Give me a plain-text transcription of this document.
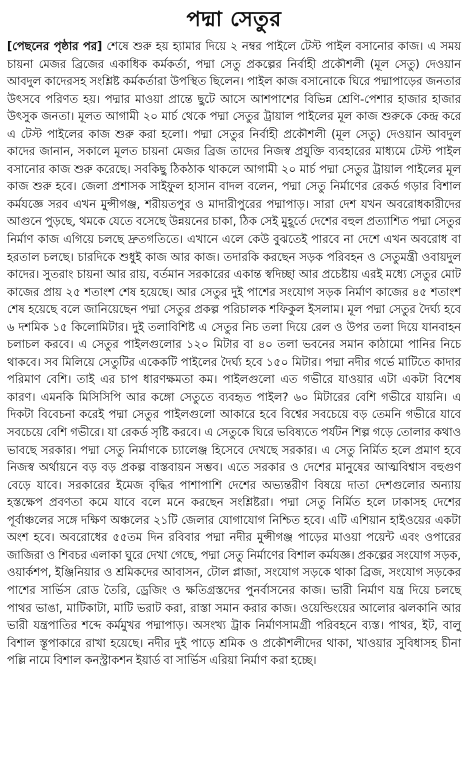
পদ্মা সেতুর

[পেছনের পৃষ্ঠার পর] শেষে শুরু হয় হ্যামার দিয়ে ২ নম্বর পাইলে টেস্ট পাইল বসানোর কাজ। এ সময় চায়না মেজর ব্রিজের একাধিক কর্মকর্তা, পদ্মা সেতু প্রকল্পের নির্বাহী প্রকৌশলী (মূল সেতু) দেওয়ান আবদুল কাদেরসহ সংশ্লিষ্ট কর্মকর্তারা উপস্থিত ছিলেন। পাইল কাজ বসানোকে ঘিরে পদ্মাপাড়ের জনতার উৎসবে পরিণত হয়। পদ্মার মাওয়া প্রান্তে ছুটে আসে আশপাশের বিভিন্ন শ্রেণি-পেশার হাজার হাজার উৎসুক জনতা। মূলত আগামী ২০ মার্চ থেকে পদ্মা সেতুর ট্রায়াল পাইলের মূল কাজ শুরুকে কেন্দ্র করে এ টেস্ট পাইলের কাজ শুরু করা হলো। পদ্মা সেতুর নির্বাহী প্রকৌশলী (মূল সেতু) দেওয়ান আবদুল কাদের জানান, সকালে মূলত চায়না মেজর ব্রিজ তাদের নিজস্ব প্রযুক্তি ব্যবহারের মাধ্যমে টেস্ট পাইল বসানোর কাজ শুরু করেছে। সবকিছু ঠিকঠাক থাকলে আগামী ২০ মার্চ পদ্মা সেতুর ট্রায়াল পাইলের মূল কাজ শুরু হবে। জেলা প্রশাসক সাইফুল হাসান বাদল বলেন, পদ্মা সেতু নির্মাণের রেকর্ড গড়ার বিশাল কর্মযজ্ঞে সরব এখন মুন্সীগঞ্জ, শরীয়তপুর ও মাদারীপুরের পদ্মাপাড়। সারা দেশ যখন অবরোধকারীদের আগুনে পুড়ছে, থমকে যেতে বসেছে উন্নয়নের চাকা, ঠিক সেই মুহূর্তে দেশের বহুল প্রত্যাশিত পদ্মা সেতুর নির্মাণ কাজ এগিয়ে চলছে দ্রুতগতিতে। এখানে এলে কেউ বুঝতেই পারবে না দেশে এখন অবরোধ বা হরতাল চলছে। চারদিকে শুধুই কাজ আর কাজ। তদারকি করছেন সড়ক পরিবহন ও সেতুমন্ত্রী ওবায়দুল কাদের। সুতরাং চায়না আর রায়, বর্তমান সরকারের একান্ত স্বদিচ্ছা আর প্রচেষ্টায় এরই মধ্যে সেতুর মোট কাজের প্রায় ২৫ শতাংশ শেষ হয়েছে। আর সেতুর দুই পাশের সংযোগ সড়ক নির্মাণ কাজের ৪৫ শতাংশ শেষ হয়েছে বলে জানিয়েছেন পদ্মা সেতুর প্রকল্প পরিচালক শফিকুল ইসলাম। মূল পদ্মা সেতুর দৈর্ঘ্য হবে ৬ দশমিক ১৫ কিলোমিটার। দুই তলাবিশিষ্ট এ সেতুর নিচ তলা দিয়ে রেল ও উপর তলা দিয়ে যানবাহন চলাচল করবে। এ সেতুর পাইলগুলোর ১২০ মিটার বা ৪০ তলা ভবনের সমান কাঠামো পানির নিচে থাকবে। সব মিলিয়ে সেতুটির একেকটি পাইলের দৈর্ঘ্য হবে ১৫০ মিটার। পদ্মা নদীর গর্ভে মাটিতে কাদার পরিমাণ বেশি। তাই এর চাপ ধারণক্ষমতা কম। পাইলগুলো এত গভীরে যাওয়ার এটা একটা বিশেষ কারণ। এমনকি মিসিসিপি আর কঙ্গো সেতুতে ব্যবহৃত পাইল? ৬০ মিটারের বেশি গভীরে যায়নি। এ দিকটা বিবেচনা করেই পদ্মা সেতুর পাইলগুলো আকারে হবে বিশ্বের সবচেয়ে বড় তেমনি গভীরে যাবে সবচেয়ে বেশি গভীরে। যা রেকর্ড সৃষ্টি করবে। এ সেতুকে ঘিরে ভবিষ্যতে পর্যটন শিল্প গড়ে তোলার কথাও ভাবছে সরকার। পদ্মা সেতু নির্মাণকে চ্যালেঞ্জ হিসেবে দেখছে সরকার। এ সেতু নির্মিত হলে প্রমাণ হবে নিজস্ব অর্থায়নে বড় বড় প্রকল্প বাস্তবায়ন সম্ভব। এতে সরকার ও দেশের মানুষের আত্মবিশ্বাস বহুগুণ বেড়ে যাবে। সরকারের ইমেজ বৃদ্ধির পাশাপাশি দেশের অভ্যন্তরীণ বিষয়ে দাতা দেশগুলোর অন্যায় হস্তক্ষেপ প্রবণতা কমে যাবে বলে মনে করছেন সংশ্লিষ্টরা। পদ্মা সেতু নির্মিত হলে ঢাকাসহ দেশের পূর্বাঞ্চলের সঙ্গে দক্ষিণ অঞ্চলের ২১টি জেলার যোগাযোগ নিশ্চিত হবে। এটি এশিয়ান হাইওয়ের একটা অংশ হবে। অবরোধের ৫৫তম দিন রবিবার পদ্মা নদীর মুন্সীগঞ্জ পাড়ের মাওয়া পয়েন্ট এবং ওপারের জাজিরা ও শিবচর এলাকা ঘুরে দেখা গেছে, পদ্মা সেতু নির্মাণের বিশাল কর্মযজ্ঞ। প্রকল্পের সংযোগ সড়ক, ওয়ার্কশপ, ইঞ্জিনিয়ার ও শ্রমিকদের আবাসন, টোল প্লাজা, সংযোগ সড়কে থাকা ব্রিজ, সংযোগ সড়কের পাশের সার্ভিস রোড তৈরি, ড্রেজিং ও ক্ষতিগ্রস্তদের পুনর্বাসনের কাজ। ভারী নির্মাণ যন্ত্র দিয়ে চলছে পাথর ভাঙা, মাটিকাটা, মাটি ভরাট করা, রাস্তা সমান করার কাজ। ওয়েল্ডিংয়ের আলোর ঝলকানি আর ভারী যন্ত্রপাতির শব্দে কর্মমুখর পদ্মাপাড়। অসংখ্য ট্রাক নির্মাণসামগ্রী পরিবহনে ব্যস্ত। পাথর, ইট, বালু বিশাল স্তূপাকারে রাখা হয়েছে। নদীর দুই পাড়ে শ্রমিক ও প্রকৌশলীদের থাকা, খাওয়ার সুবিধাসহ চীনা পল্লি নামে বিশাল কনস্ট্রাকশন ইয়ার্ড বা সার্ভিস এরিয়া নির্মাণ করা হচ্ছে।
